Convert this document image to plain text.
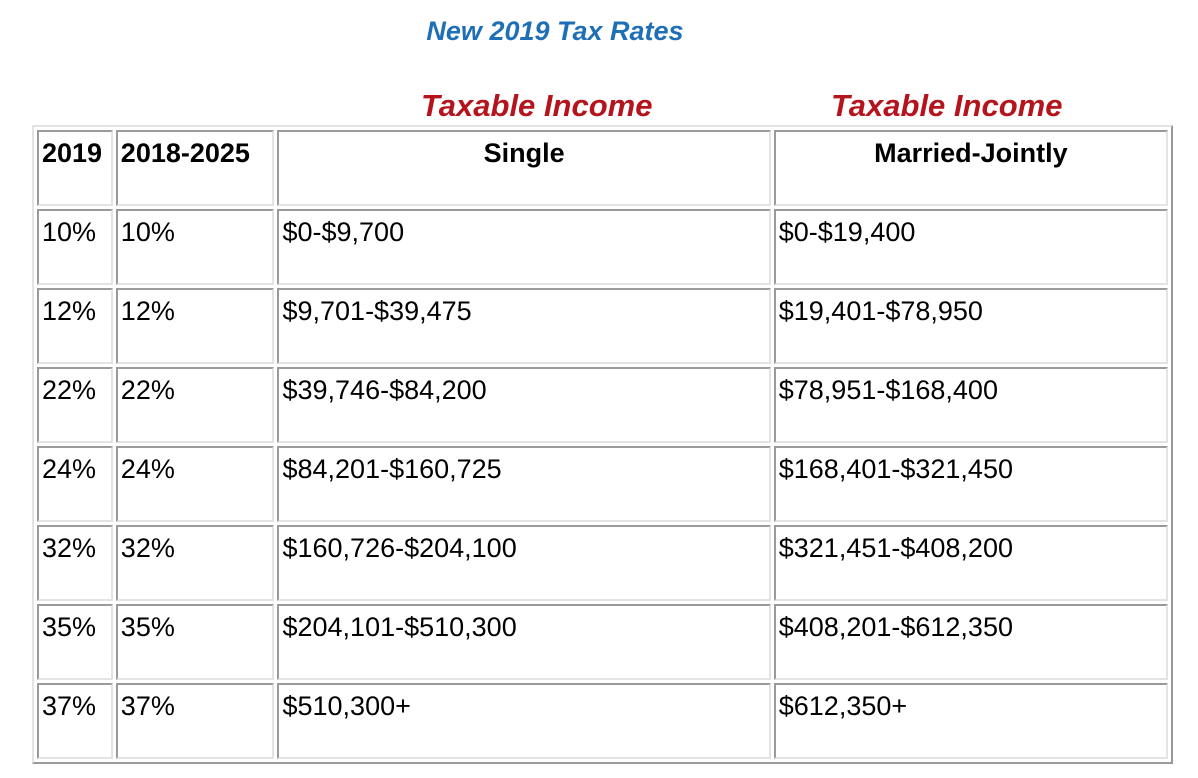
New 2019 Tax Rates
Taxable Income	Taxable Income
2019	2018-2025	Single	Married-Jointly
10%	10%	$0-$9,700	$0-$19,400
12%	12%	$9,701-$39,475	$19,401-$78,950
22%	22%	$39,746-$84,200	$78,951-$168,400
24%	24%	$84,201-$160,725	$168,401-$321,450
32%	32%	$160,726-$204,100	$321,451-$408,200
35%	35%	$204,101-$510,300	$408,201-$612,350
37%	37%	$510,300+	$612,350+
